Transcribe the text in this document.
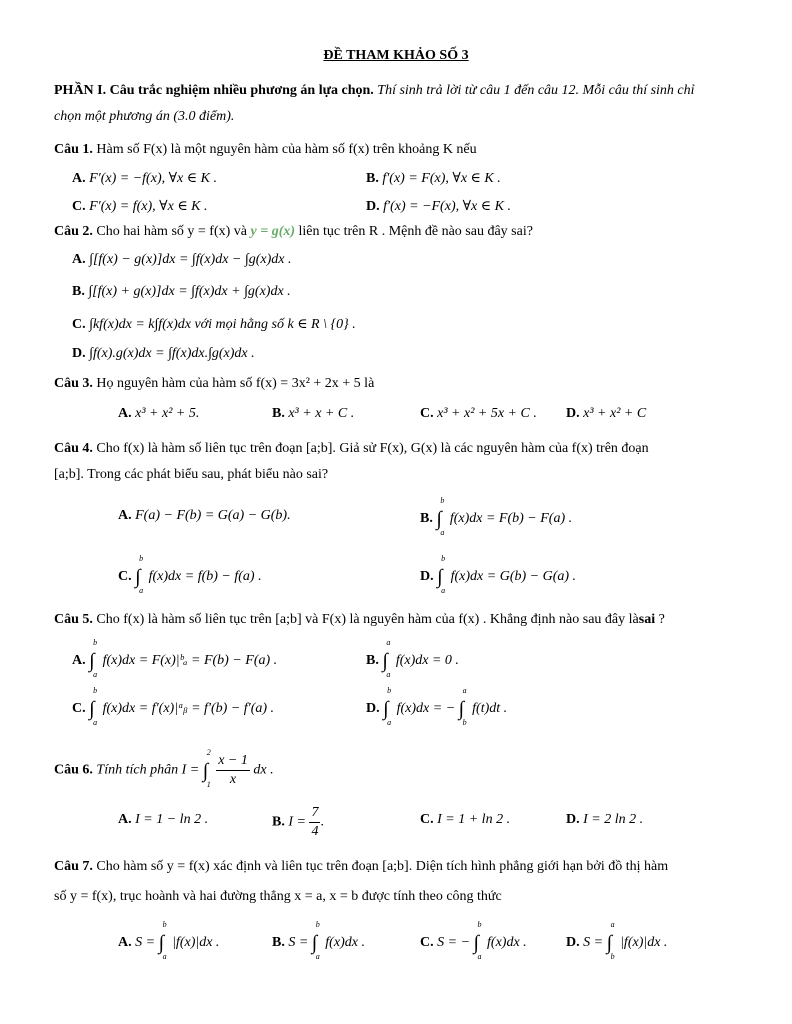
ĐỀ THAM KHẢO SỐ 3
PHẦN I. Câu trắc nghiệm nhiều phương án lựa chọn. Thí sinh trả lời từ câu 1 đến câu 12. Mỗi câu thí sinh chỉ
chọn một phương án (3.0 điểm).
Câu 1. Hàm số F(x) là một nguyên hàm của hàm số f(x) trên khoảng K nếu
A. F′(x) = −f(x), ∀x ∈ K .	B. f′(x) = F(x), ∀x ∈ K .
C. F′(x) = f(x), ∀x ∈ K .	D. f′(x) = −F(x), ∀x ∈ K .
Câu 2. Cho hai hàm số y = f(x) và y = g(x) liên tục trên R . Mệnh đề nào sau đây sai?
A. ∫[f(x) − g(x)]dx = ∫f(x)dx − ∫g(x)dx .
B. ∫[f(x) + g(x)]dx = ∫f(x)dx + ∫g(x)dx .
C. ∫kf(x)dx = k∫f(x)dx với mọi hằng số k ∈ R \ {0} .
D. ∫f(x).g(x)dx = ∫f(x)dx.∫g(x)dx .
Câu 3. Họ nguyên hàm của hàm số f(x) = 3x² + 2x + 5 là
A. x³ + x² + 5.	B. x³ + x + C .	C. x³ + x² + 5x + C . D. x³ + x² + C
Câu 4. Cho f(x) là hàm số liên tục trên đoạn [a;b]. Giả sử F(x), G(x) là các nguyên hàm của f(x) trên đoạn
[a;b]. Trong các phát biểu sau, phát biểu nào sai?
A. F(a) − F(b) = G(a) − G(b).	B.
b
∫
a
f(x)dx = F(b) − F(a) .
C.
b
∫
a
f(x)dx = f(b) − f(a) .	D.
b
∫
a
f(x)dx = G(b) − G(a) .
Câu 5. Cho f(x) là hàm số liên tục trên [a;b] và F(x) là nguyên hàm của f(x) . Khẳng định nào sau đây làsai ?
A.
b
∫
a
f(x)dx = F(x)|ᵇₐ = F(b) − F(a) .	B.
a
∫
a
f(x)dx = 0 .
C.
b
∫
a
f(x)dx = f′(x)|ᵃᵦ = f′(b) − f′(a) .	D.
b
∫
a
f(x)dx = −
a
∫
b
f(t)dt .
Câu 6. Tính tích phân I =
2
∫
1
$\frac{x - 1}{x}$ dx .
A. I = 1 − ln 2 .	B. $I = \frac{7}{4}$ .	C. I = 1 + ln 2 .	D. I = 2 ln 2 .
Câu 7. Cho hàm số y = f(x) xác định và liên tục trên đoạn [a;b]. Diện tích hình phẳng giới hạn bởi đồ thị hàm
số y = f(x), trục hoành và hai đường thẳng x = a, x = b được tính theo công thức
A. S =
b
∫
a
|f(x)|dx .	B. S =
b
∫
a
f(x)dx .	C. S = −
b
∫
a
f(x)dx .	D. S =
a
∫
b
|f(x)|dx .
